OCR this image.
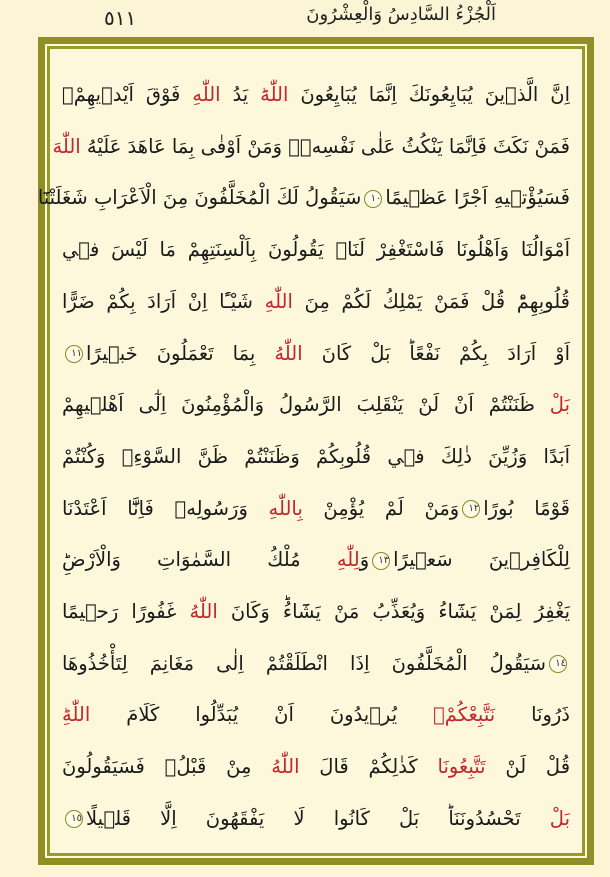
٥١١	اَلْجُزْءُ السَّادِسُ وَالْعِشْرُونَ
اِنَّ الَّذ۪ينَ يُبَايِعُونَكَ اِنَّمَا يُبَايِعُونَ اللّٰهَؕ يَدُ اللّٰهِ فَوْقَ اَيْد۪يهِمْۚ
فَمَنْ نَكَثَ فَاِنَّمَا يَنْكُثُ عَلٰى نَفْسِه۪ۚ وَمَنْ اَوْفٰى بِمَا عَاهَدَ عَلَيْهُ اللّٰهَ
فَسَيُؤْت۪يهِ اَجْرًا عَظ۪يمًا١٠سَيَقُولُ لَكَ الْمُخَلَّفُونَ مِنَ الْاَعْرَابِ شَغَلَتْنَٓا
اَمْوَالُنَا وَاَهْلُونَا فَاسْتَغْفِرْ لَنَاۚ يَقُولُونَ بِاَلْسِنَتِهِمْ مَا لَيْسَ ف۪ي
قُلُوبِهِمْؕ قُلْ فَمَنْ يَمْلِكُ لَكُمْ مِنَ اللّٰهِ شَيْـًٔا اِنْ اَرَادَ بِكُمْ ضَرًّا
اَوْ اَرَادَ بِكُمْ نَفْعًاؕ بَلْ كَانَ اللّٰهُ بِمَا تَعْمَلُونَ خَب۪يرًا١١
بَلْ ظَنَنْتُمْ اَنْ لَنْ يَنْقَلِبَ الرَّسُولُ وَالْمُؤْمِنُونَ اِلٰٓى اَهْل۪يهِمْ
اَبَدًا وَزُيِّنَ ذٰلِكَ ف۪ي قُلُوبِكُمْ وَظَنَنْتُمْ ظَنَّ السَّوْءِۚ وَكُنْتُمْ
قَوْمًا بُورًا١٢وَمَنْ لَمْ يُؤْمِنْ بِاللّٰهِ وَرَسُولِه۪ فَاِنَّٓا اَعْتَدْنَا
لِلْكَافِر۪ينَ سَع۪يرًا١٣وَلِلّٰهِ مُلْكُ السَّمٰوَاتِ وَالْاَرْضِؕ
يَغْفِرُ لِمَنْ يَشَٓاءُ وَيُعَذِّبُ مَنْ يَشَٓاءُؕ وَكَانَ اللّٰهُ غَفُورًا رَح۪يمًا
١٤سَيَقُولُ الْمُخَلَّفُونَ اِذَا انْطَلَقْتُمْ اِلٰى مَغَانِمَ لِتَأْخُذُوهَا
ذَرُونَا نَتَّبِعْكُمْۚ يُر۪يدُونَ اَنْ يُبَدِّلُوا كَلَامَ اللّٰهِؕ
قُلْ لَنْ تَتَّبِعُونَا كَذٰلِكُمْ قَالَ اللّٰهُ مِنْ قَبْلُۚ فَسَيَقُولُونَ
بَلْ تَحْسُدُونَنَاؕ بَلْ كَانُوا لَا يَفْقَهُونَ اِلَّا قَل۪يلًا١٥
